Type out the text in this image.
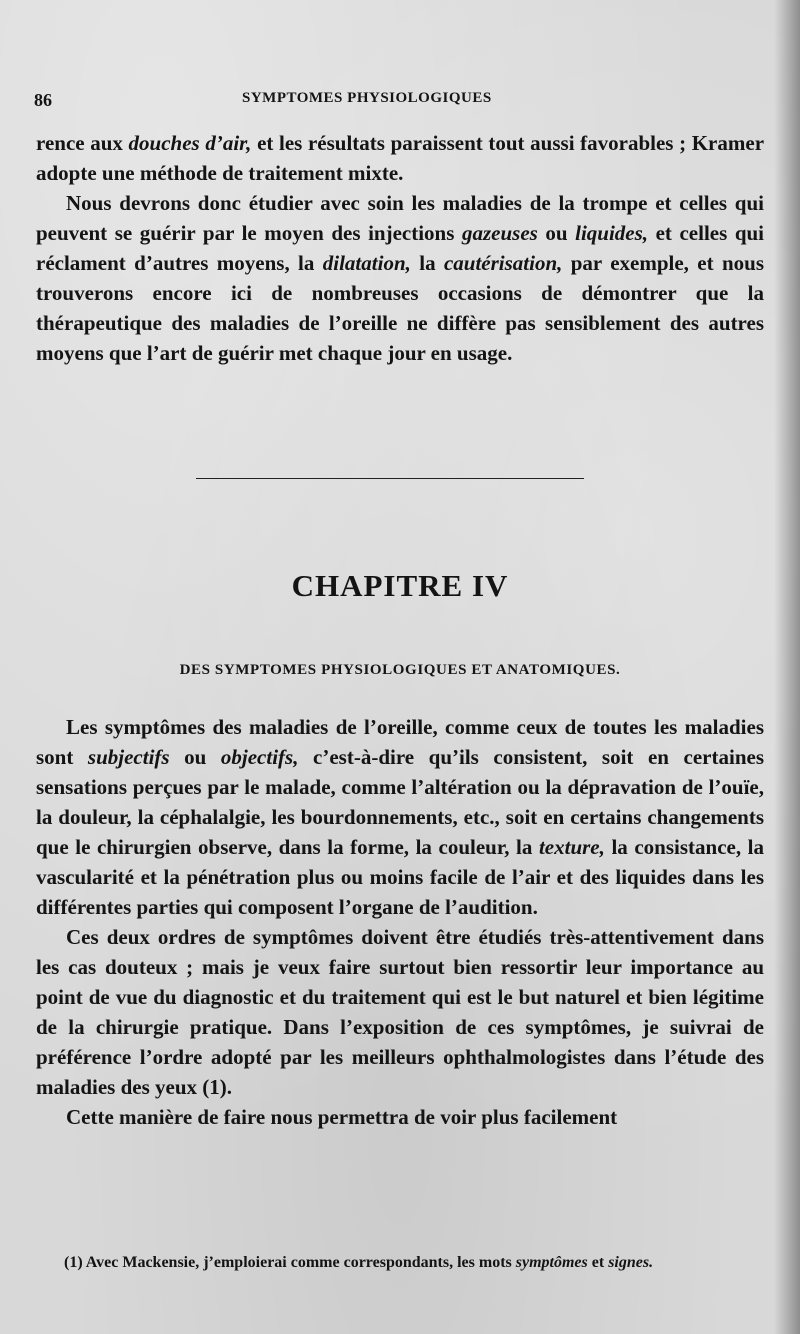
86	SYMPTOMES PHYSIOLOGIQUES

rence aux douches d’air, et les résultats paraissent tout aussi favorables ; Kramer adopte une méthode de traitement mixte.

Nous devrons donc étudier avec soin les maladies de la trompe et celles qui peuvent se guérir par le moyen des injections gazeuses ou liquides, et celles qui réclament d’autres moyens, la dilatation, la cautérisation, par exemple, et nous trouverons encore ici de nombreuses occasions de démontrer que la thérapeutique des maladies de l’oreille ne diffère pas sensiblement des autres moyens que l’art de guérir met chaque jour en usage.

CHAPITRE IV
DES SYMPTOMES PHYSIOLOGIQUES ET ANATOMIQUES.

Les symptômes des maladies de l’oreille, comme ceux de toutes les maladies sont subjectifs ou objectifs, c’est-à-dire qu’ils consistent, soit en certaines sensations perçues par le malade, comme l’altération ou la dépravation de l’ouïe, la douleur, la céphalalgie, les bourdonnements, etc., soit en certains changements que le chirurgien observe, dans la forme, la couleur, la texture, la consistance, la vascularité et la pénétration plus ou moins facile de l’air et des liquides dans les différentes parties qui composent l’organe de l’audition.

Ces deux ordres de symptômes doivent être étudiés très-attentivement dans les cas douteux ; mais je veux faire surtout bien ressortir leur importance au point de vue du diagnostic et du traitement qui est le but naturel et bien légitime de la chirurgie pratique. Dans l’exposition de ces symptômes, je suivrai de préférence l’ordre adopté par les meilleurs ophthalmologistes dans l’étude des maladies des yeux (1).

Cette manière de faire nous permettra de voir plus facilement

(1) Avec Mackensie, j’emploierai comme correspondants, les mots symptômes et signes.
